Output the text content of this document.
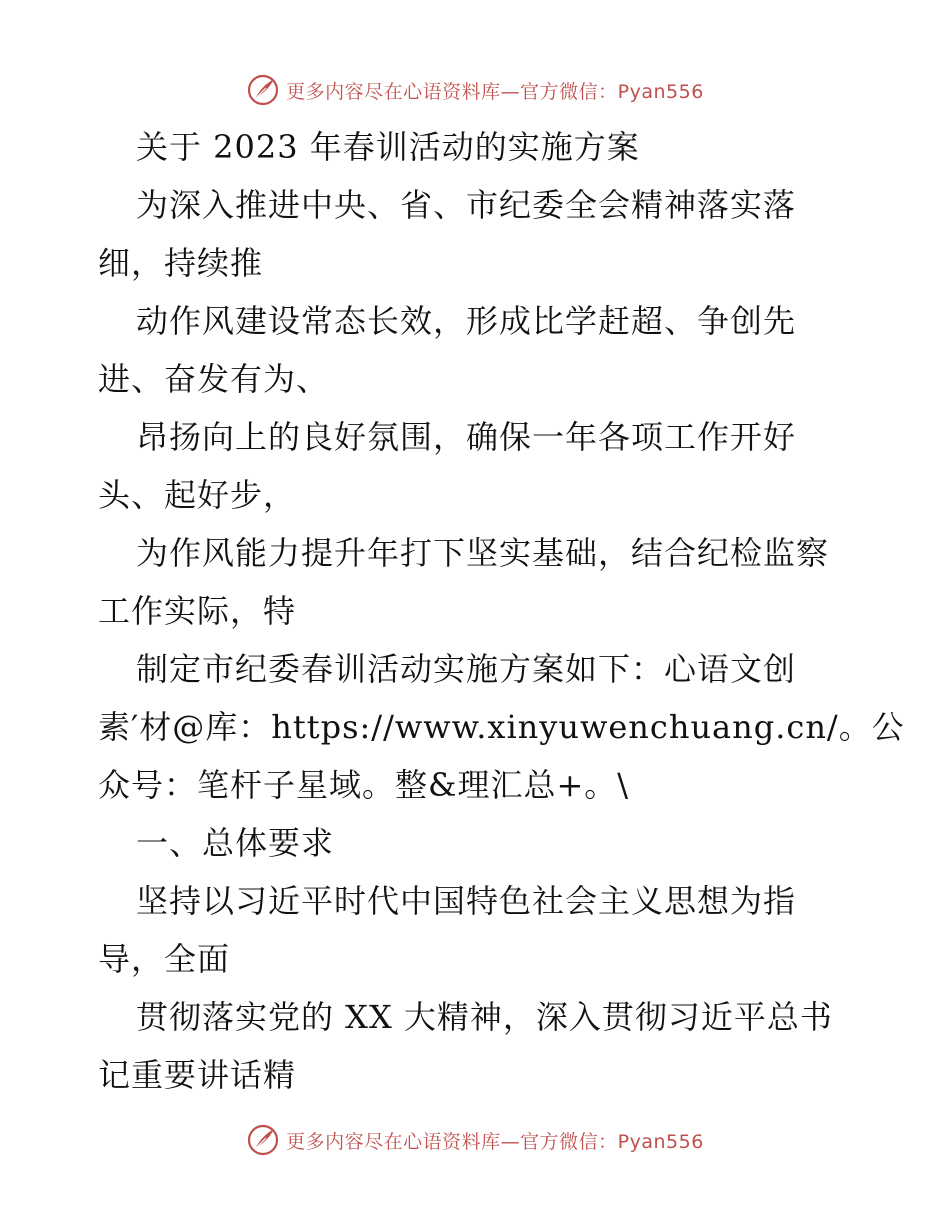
更多内容尽在心语资料库—官方微信：Pyan556
关于 2023 年春训活动的实施方案
为深入推进中央、省、市纪委全会精神落实落
细，持续推
动作风建设常态长效，形成比学赶超、争创先
进、奋发有为、
昂扬向上的良好氛围，确保一年各项工作开好
头、起好步，
为作风能力提升年打下坚实基础，结合纪检监察
工作实际，特
制定市纪委春训活动实施方案如下：心语文创
素′材@库：https://www.xinyuwenchuang.cn/。公
众号：笔杆子星域。整&理汇总+。\
一、总体要求
坚持以习近平时代中国特色社会主义思想为指
导，全面
贯彻落实党的 XX 大精神，深入贯彻习近平总书
记重要讲话精
更多内容尽在心语资料库—官方微信：Pyan556
